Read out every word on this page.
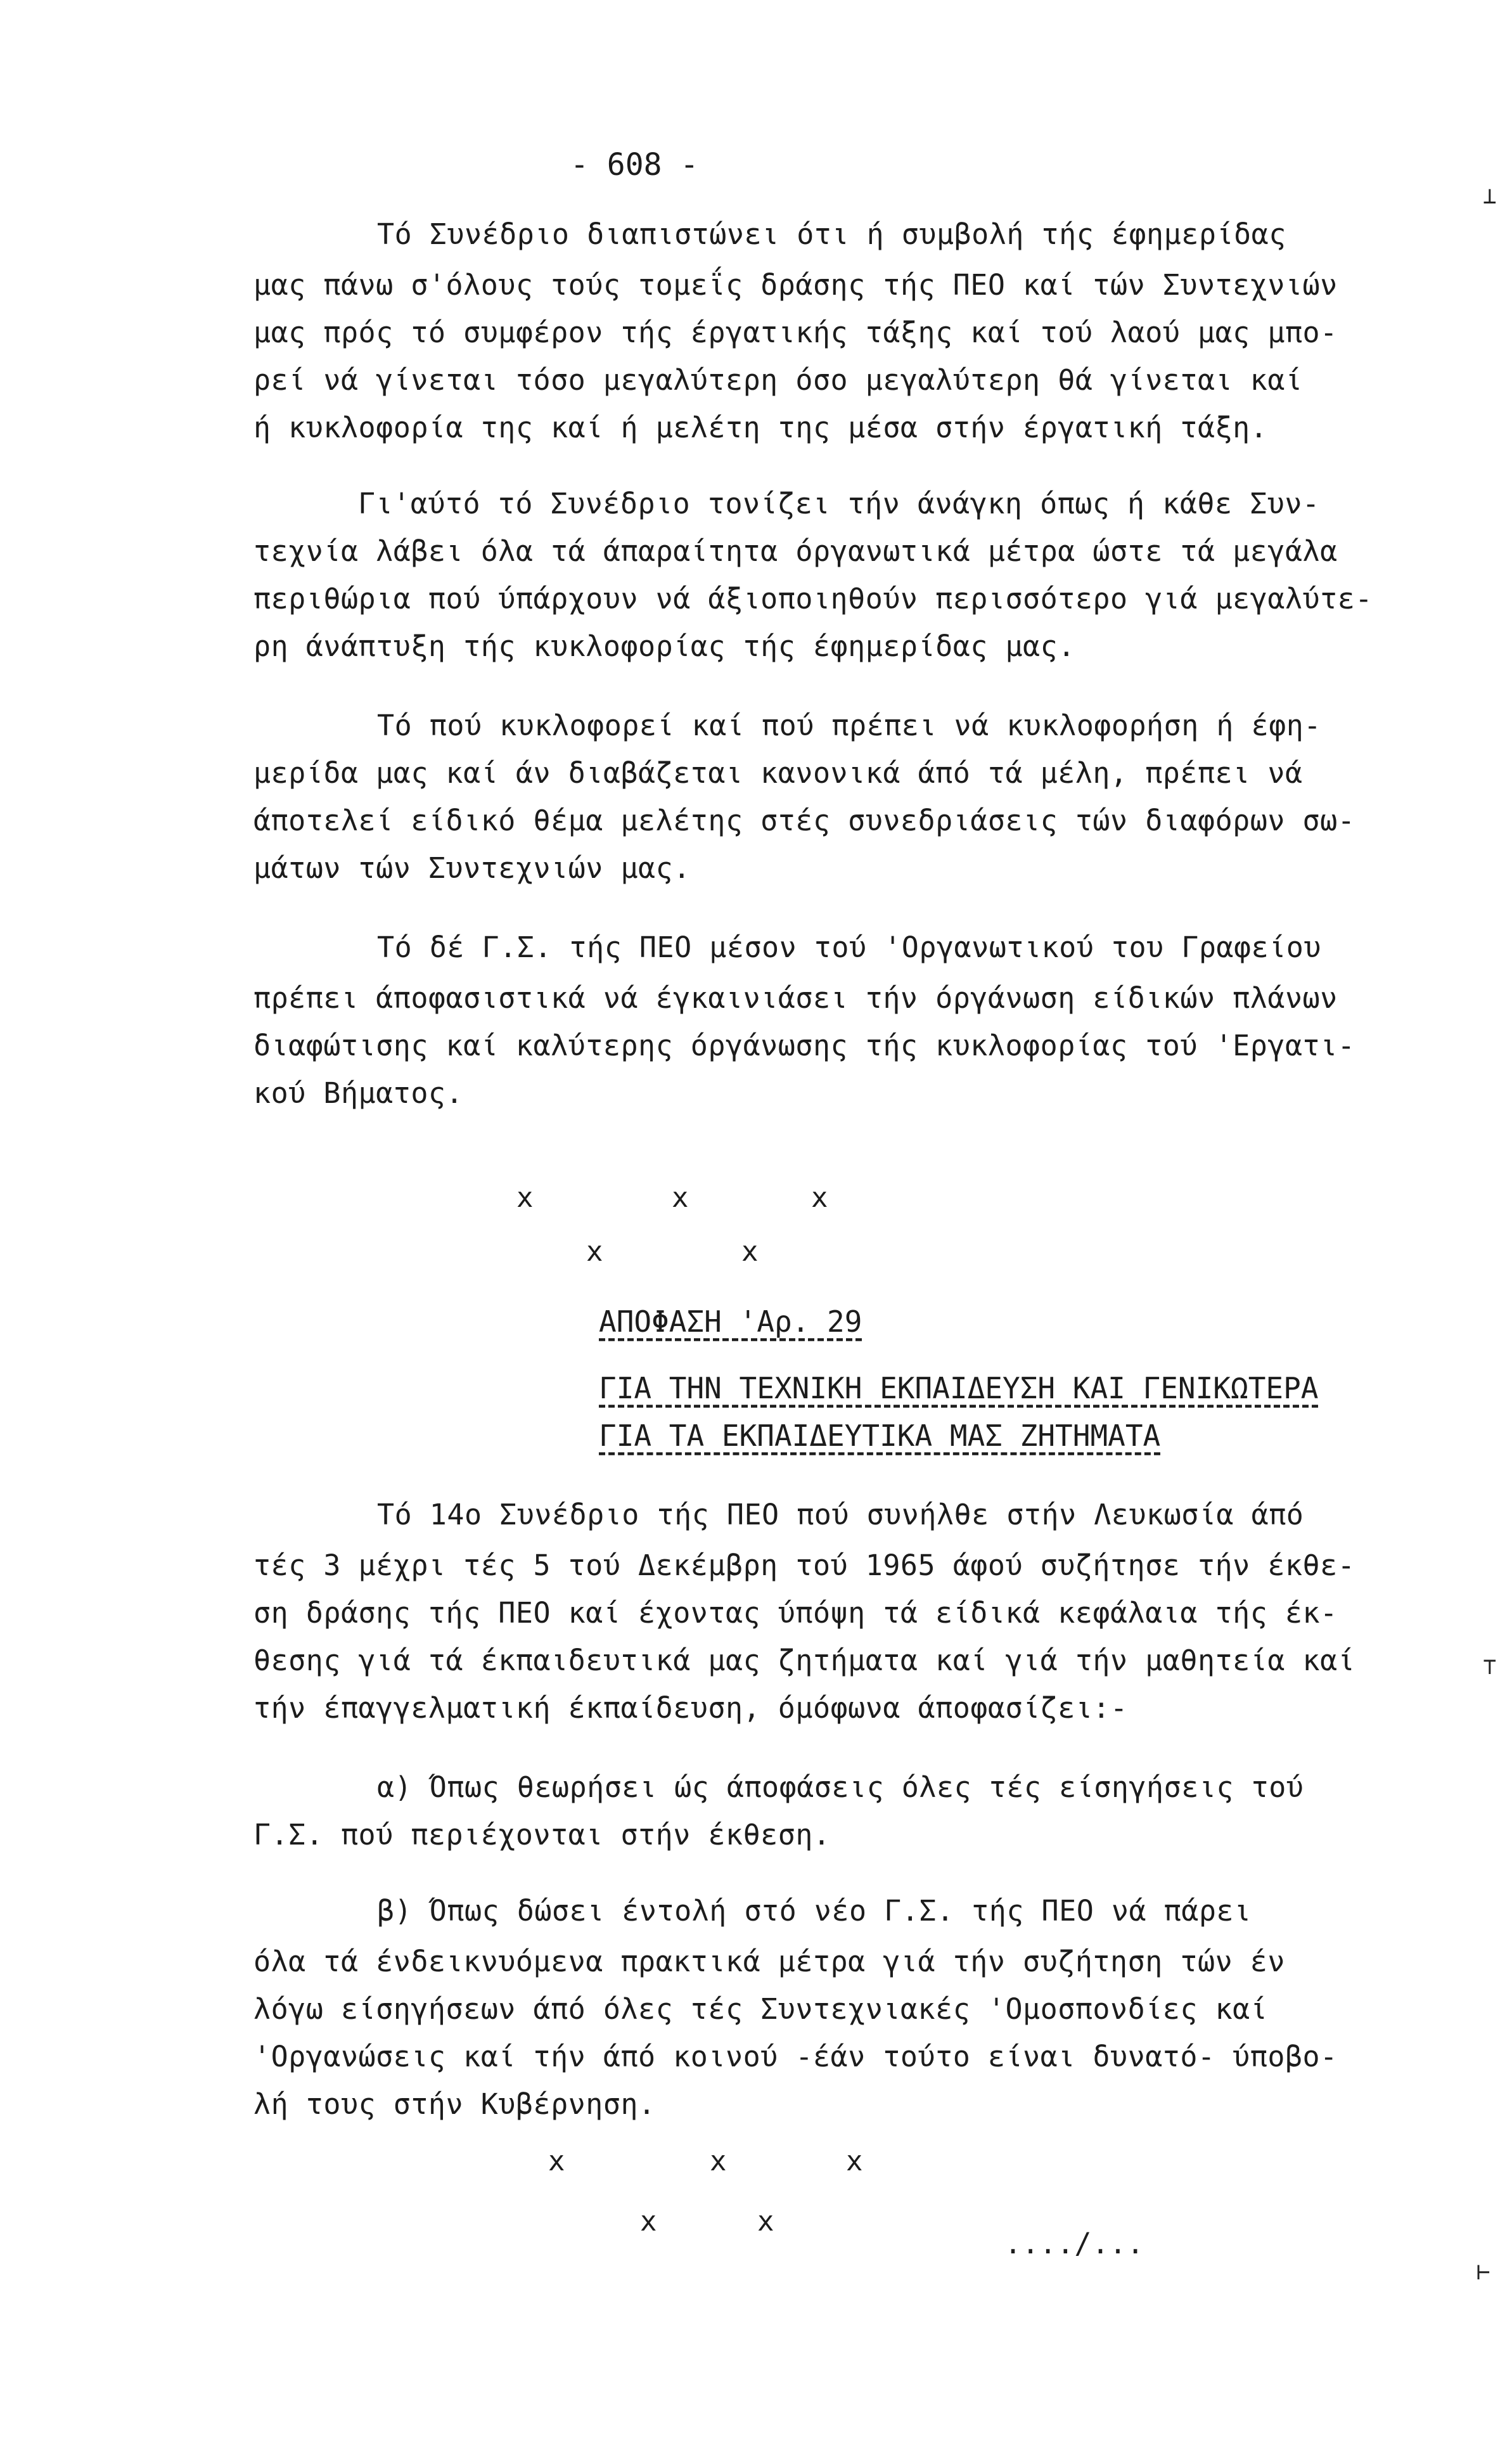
- 608 -
Τό Συνέδριο διαπιστώνει ότι ή συμβολή τής έφημερίδας
μας πάνω σ'όλους τούς τομεΐς δράσης τής ΠΕΟ καί τών Συντεχνιών
μας πρός τό συμφέρον τής έργατικής τάξης καί τού λαού μας μπο-
ρεί νά γίνεται τόσο μεγαλύτερη όσο μεγαλύτερη θά γίνεται καί
ή κυκλοφορία της καί ή μελέτη της μέσα στήν έργατική τάξη.
Γι'αύτό τό Συνέδριο τονίζει τήν άνάγκη όπως ή κάθε Συν-
τεχνία λάβει όλα τά άπαραίτητα όργανωτικά μέτρα ώστε τά μεγάλα
περιθώρια πού ύπάρχουν νά άξιοποιηθούν περισσότερο γιά μεγαλύτε-
ρη άνάπτυξη τής κυκλοφορίας τής έφημερίδας μας.
Τό πού κυκλοφορεί καί πού πρέπει νά κυκλοφορήση ή έφη-
μερίδα μας καί άν διαβάζεται κανονικά άπό τά μέλη, πρέπει νά
άποτελεί είδικό θέμα μελέτης στές συνεδριάσεις τών διαφόρων σω-
μάτων τών Συντεχνιών μας.
Τό δέ Γ.Σ. τής ΠΕΟ μέσον τού 'Οργανωτικού του Γραφείου
πρέπει άποφασιστικά νά έγκαινιάσει τήν όργάνωση είδικών πλάνων
διαφώτισης καί καλύτερης όργάνωσης τής κυκλοφορίας τού 'Εργατι-
κού Βήματος.
x	x	x
x	x
ΑΠΟΦΑΣΗ 'Αρ. 29
ΓΙΑ ΤΗΝ ΤΕΧΝΙΚΗ ΕΚΠΑΙΔΕΥΣΗ ΚΑΙ ΓΕΝΙΚΩΤΕΡΑ
ΓΙΑ ΤΑ ΕΚΠΑΙΔΕΥΤΙΚΑ ΜΑΣ ΖΗΤΗΜΑΤΑ
Τό 14ο Συνέδριο τής ΠΕΟ πού συνήλθε στήν Λευκωσία άπό
τές 3 μέχρι τές 5 τού Δεκέμβρη τού 1965 άφού συζήτησε τήν έκθε-
ση δράσης τής ΠΕΟ καί έχοντας ύπόψη τά είδικά κεφάλαια τής έκ-
θεσης γιά τά έκπαιδευτικά μας ζητήματα καί γιά τήν μαθητεία καί
τήν έπαγγελματική έκπαίδευση, όμόφωνα άποφασίζει:-
α) Όπως θεωρήσει ώς άποφάσεις όλες τές είσηγήσεις τού
Γ.Σ. πού περιέχονται στήν έκθεση.
β) Όπως δώσει έντολή στό νέο Γ.Σ. τής ΠΕΟ νά πάρει
όλα τά ένδεικνυόμενα πρακτικά μέτρα γιά τήν συζήτηση τών έν
λόγω είσηγήσεων άπό όλες τές Συντεχνιακές 'Ομοσπονδίες καί
'Οργανώσεις καί τήν άπό κοινού -έάν τούτο είναι δυνατό- ύποβο-
λή τους στήν Κυβέρνηση.
x	x	x
x	x
..../...
⊥
⊤
⊢
